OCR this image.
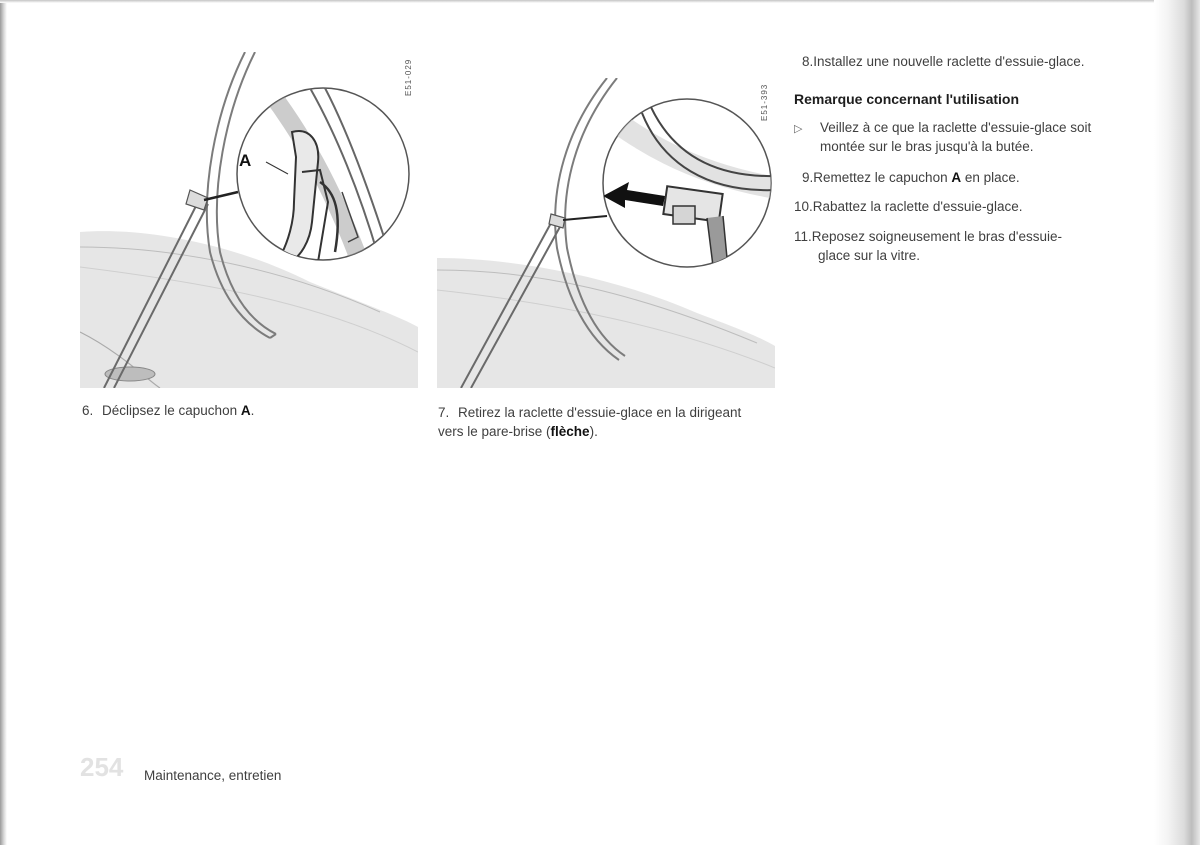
A
E51-029
E51-393
6. Déclipsez le capuchon A.	7. Retirez la raclette d'essuie-glace en la dirigeant vers le pare-brise (flèche).

8.Installez une nouvelle raclette d'essuie-glace.

Remarque concernant l'utilisation
▷ Veillez à ce que la raclette d'essuie-glace soit montée sur le bras jusqu'à la butée.

9.Remettez le capuchon A en place.

10.Rabattez la raclette d'essuie-glace.

11.Reposez soigneusement le bras d'essuie-
glace sur la vitre.
254 Maintenance, entretien
